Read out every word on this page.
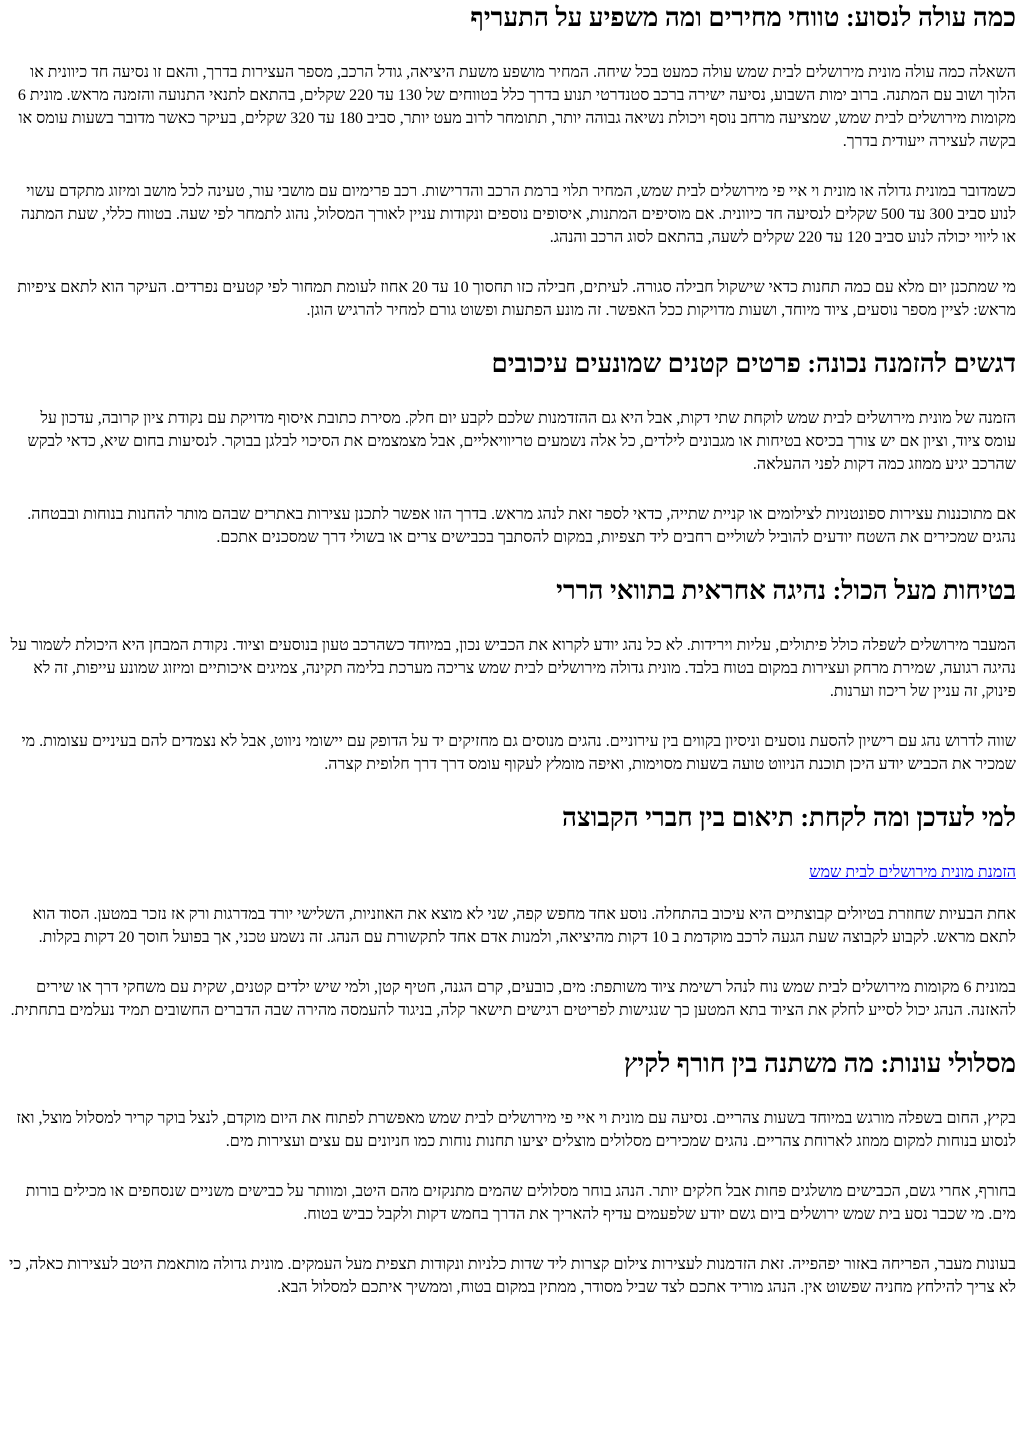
כמה עולה לנסוע: טווחי מחירים ומה משפיע על התעריף

השאלה כמה עולה מונית מירושלים לבית שמש עולה כמעט בכל שיחה. המחיר מושפע משעת היציאה, גודל הרכב, מספר העצירות בדרך, והאם זו נסיעה חד כיוונית או הלוך ושוב עם המתנה. ברוב ימות השבוע, נסיעה ישירה ברכב סטנדרטי תנוע בדרך כלל בטווחים של 130 עד 220 שקלים, בהתאם לתנאי התנועה והזמנה מראש. מונית 6 מקומות מירושלים לבית שמש, שמציעה מרחב נוסף ויכולת נשיאה גבוהה יותר, תתומחר לרוב מעט יותר, סביב 180 עד 320 שקלים, בעיקר כאשר מדובר בשעות עומס או בקשה לעצירה ייעודית בדרך.

כשמדובר במונית גדולה או מונית וי איי פי מירושלים לבית שמש, המחיר תלוי ברמת הרכב והדרישות. רכב פרימיום עם מושבי עור, טעינה לכל מושב ומיזוג מתקדם עשוי לנוע סביב 300 עד 500 שקלים לנסיעה חד כיוונית. אם מוסיפים המתנות, איסופים נוספים ונקודות עניין לאורך המסלול, נהוג לתמחר לפי שעה. בטווח כללי, שעת המתנה או ליווי יכולה לנוע סביב 120 עד 220 שקלים לשעה, בהתאם לסוג הרכב והנהג.

מי שמתכנן יום מלא עם כמה תחנות כדאי שישקול חבילה סגורה. לעיתים, חבילה כזו תחסוך 10 עד 20 אחוז לעומת תמחור לפי קטעים נפרדים. העיקר הוא לתאם ציפיות מראש: לציין מספר נוסעים, ציוד מיוחד, ושעות מדויקות ככל האפשר. זה מונע הפתעות ופשוט גורם למחיר להרגיש הוגן.

דגשים להזמנה נכונה: פרטים קטנים שמונעים עיכובים

הזמנה של מונית מירושלים לבית שמש לוקחת שתי דקות, אבל היא גם ההזדמנות שלכם לקבע יום חלק. מסירת כתובת איסוף מדויקת עם נקודת ציון קרובה, עדכון על עומס ציוד, וציון אם יש צורך בכיסא בטיחות או מגבונים לילדים, כל אלה נשמעים טריוויאליים, אבל מצמצמים את הסיכוי לבלגן בבוקר. לנסיעות בחום שיא, כדאי לבקש שהרכב יגיע ממוזג כמה דקות לפני ההעלאה.

אם מתוכננות עצירות ספונטניות לצילומים או קניית שתייה, כדאי לספר זאת לנהג מראש. בדרך הזו אפשר לתכנן עצירות באתרים שבהם מותר להחנות בנוחות ובבטחה. נהגים שמכירים את השטח יודעים להוביל לשוליים רחבים ליד תצפיות, במקום להסתבך בכבישים צרים או בשולי דרך שמסכנים אתכם.

בטיחות מעל הכול: נהיגה אחראית בתוואי הררי

המעבר מירושלים לשפלה כולל פיתולים, עליות וירידות. לא כל נהג יודע לקרוא את הכביש נכון, במיוחד כשהרכב טעון בנוסעים וציוד. נקודת המבחן היא היכולת לשמור על נהיגה רגועה, שמירת מרחק ועצירות במקום בטוח בלבד. מונית גדולה מירושלים לבית שמש צריכה מערכת בלימה תקינה, צמיגים איכותיים ומיזוג שמונע עייפות, זה לא פינוק, זה עניין של ריכוז וערנות.

שווה לדרוש נהג עם רישיון להסעת נוסעים וניסיון בקווים בין עירוניים. נהגים מנוסים גם מחזיקים יד על הדופק עם יישומי ניווט, אבל לא נצמדים להם בעיניים עצומות. מי שמכיר את הכביש יודע היכן תוכנת הניווט טועה בשעות מסוימות, ואיפה מומלץ לעקוף עומס דרך דרך חלופית קצרה.

למי לעדכן ומה לקחת: תיאום בין חברי הקבוצה

הזמנת מונית מירושלים לבית שמש

אחת הבעיות שחוזרת בטיולים קבוצתיים היא עיכוב בהתחלה. נוסע אחד מחפש קפה, שני לא מוצא את האוזניות, השלישי יורד במדרגות ורק אז נזכר במטען. הסוד הוא לתאם מראש. לקבוע לקבוצה שעת הגעה לרכב מוקדמת ב 10 דקות מהיציאה, ולמנות אדם אחד לתקשורת עם הנהג. זה נשמע טכני, אך בפועל חוסך 20 דקות בקלות.

במונית 6 מקומות מירושלים לבית שמש נוח לנהל רשימת ציוד משותפת: מים, כובעים, קרם הגנה, חטיף קטן, ולמי שיש ילדים קטנים, שקית עם משחקי דרך או שירים להאזנה. הנהג יכול לסייע לחלק את הציוד בתא המטען כך שנגישות לפריטים רגישים תישאר קלה, בניגוד להעמסה מהירה שבה הדברים החשובים תמיד נעלמים בתחתית.

מסלולי עונות: מה משתנה בין חורף לקיץ

בקיץ, החום בשפלה מורגש במיוחד בשעות צהריים. נסיעה עם מונית וי איי פי מירושלים לבית שמש מאפשרת לפתוח את היום מוקדם, לנצל בוקר קריר למסלול מוצל, ואז לנסוע בנוחות למקום ממוזג לארוחת צהריים. נהגים שמכירים מסלולים מוצלים יציעו תחנות נוחות כמו חניונים עם עצים ועצירות מים.

בחורף, אחרי גשם, הכבישים מושלגים פחות אבל חלקים יותר. הנהג בוחר מסלולים שהמים מתנקזים מהם היטב, ומוותר על כבישים משניים שנסחפים או מכילים בורות מים. מי שכבר נסע בית שמש ירושלים ביום גשם יודע שלפעמים עדיף להאריך את הדרך בחמש דקות ולקבל כביש בטוח.

בעונות מעבר, הפריחה באזור יפהפייה. זאת הזדמנות לעצירות צילום קצרות ליד שדות כלניות ונקודות תצפית מעל העמקים. מונית גדולה מותאמת היטב לעצירות כאלה, כי לא צריך להילחץ מחניה שפשוט אין. הנהג מוריד אתכם לצד שביל מסודר, ממתין במקום בטוח, וממשיך איתכם למסלול הבא.
